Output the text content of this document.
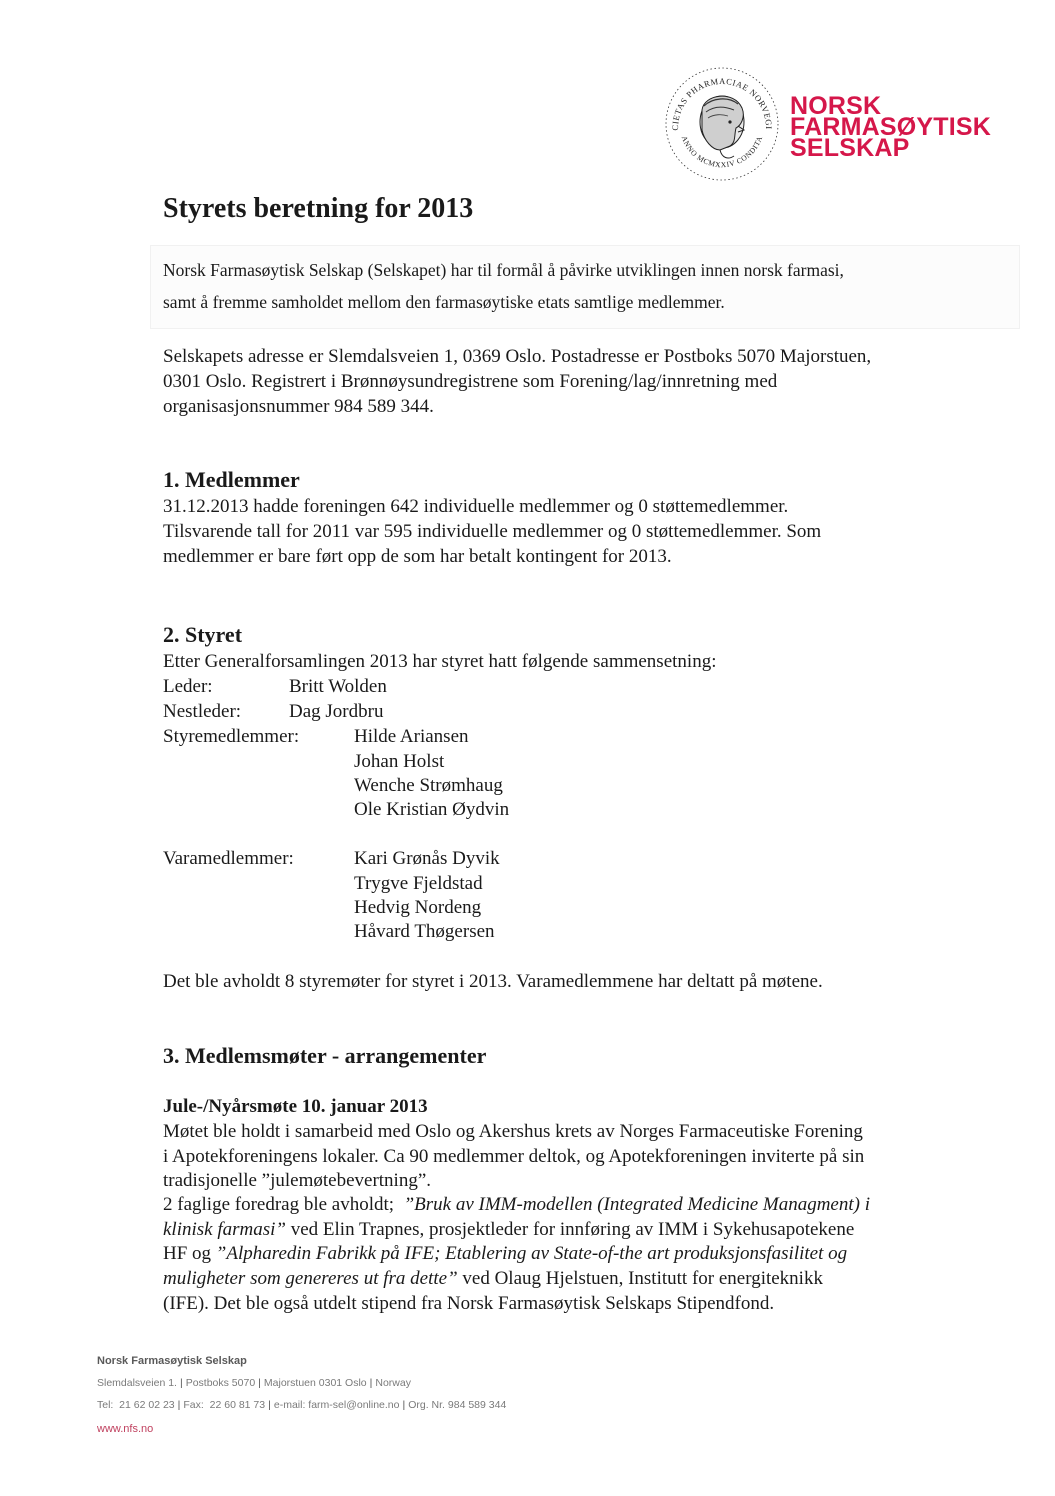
CIETAS PHARMACIAE NORVEGI
ANNO MCMXXIV CONDITA
NORSK
FARMASØYTISK
SELSKAP
Styrets beretning for 2013
Norsk Farmasøytisk Selskap (Selskapet) har til formål å påvirke utviklingen innen norsk farmasi,
samt å fremme samholdet mellom den farmasøytiske etats samtlige medlemmer.
Selskapets adresse er Slemdalsveien 1, 0369 Oslo. Postadresse er Postboks 5070 Majorstuen,
0301 Oslo. Registrert i Brønnøysundregistrene som Forening/lag/innretning med
organisasjonsnummer 984 589 344.
1. Medlemmer
31.12.2013 hadde foreningen 642 individuelle medlemmer og 0 støttemedlemmer.
Tilsvarende tall for 2011 var 595 individuelle medlemmer og 0 støttemedlemmer. Som
medlemmer er bare ført opp de som har betalt kontingent for 2013.
2. Styret
Etter Generalforsamlingen 2013 har styret hatt følgende sammensetning:
Leder:	Britt Wolden
Nestleder:	Dag Jordbru
Styremedlemmer:	Hilde Ariansen
Johan Holst
Wenche Strømhaug
Ole Kristian Øydvin
Varamedlemmer:	Kari Grønås Dyvik
Trygve Fjeldstad
Hedvig Nordeng
Håvard Thøgersen
Det ble avholdt 8 styremøter for styret i 2013. Varamedlemmene har deltatt på møtene.
3. Medlemsmøter - arrangementer
Jule-/Nyårsmøte 10. januar 2013
Møtet ble holdt i samarbeid med Oslo og Akershus krets av Norges Farmaceutiske Forening
i Apotekforeningens lokaler. Ca 90 medlemmer deltok, og Apotekforeningen inviterte på sin
tradisjonelle ”julemøtebevertning”.
2 faglige foredrag ble avholdt;  ”Bruk av IMM-modellen (Integrated Medicine Managment) i
klinisk farmasi” ved Elin Trapnes, prosjektleder for innføring av IMM i Sykehusapotekene
HF og ”Alpharedin Fabrikk på IFE; Etablering av State-of-the art produksjonsfasilitet og
muligheter som genereres ut fra dette” ved Olaug Hjelstuen, Institutt for energiteknikk
(IFE). Det ble også utdelt stipend fra Norsk Farmasøytisk Selskaps Stipendfond.
Norsk Farmasøytisk Selskap
Slemdalsveien 1. | Postboks 5070 | Majorstuen 0301 Oslo | Norway
Tel:  21 62 02 23 | Fax:  22 60 81 73 | e-mail: farm-sel@online.no | Org. Nr. 984 589 344
www.nfs.no
